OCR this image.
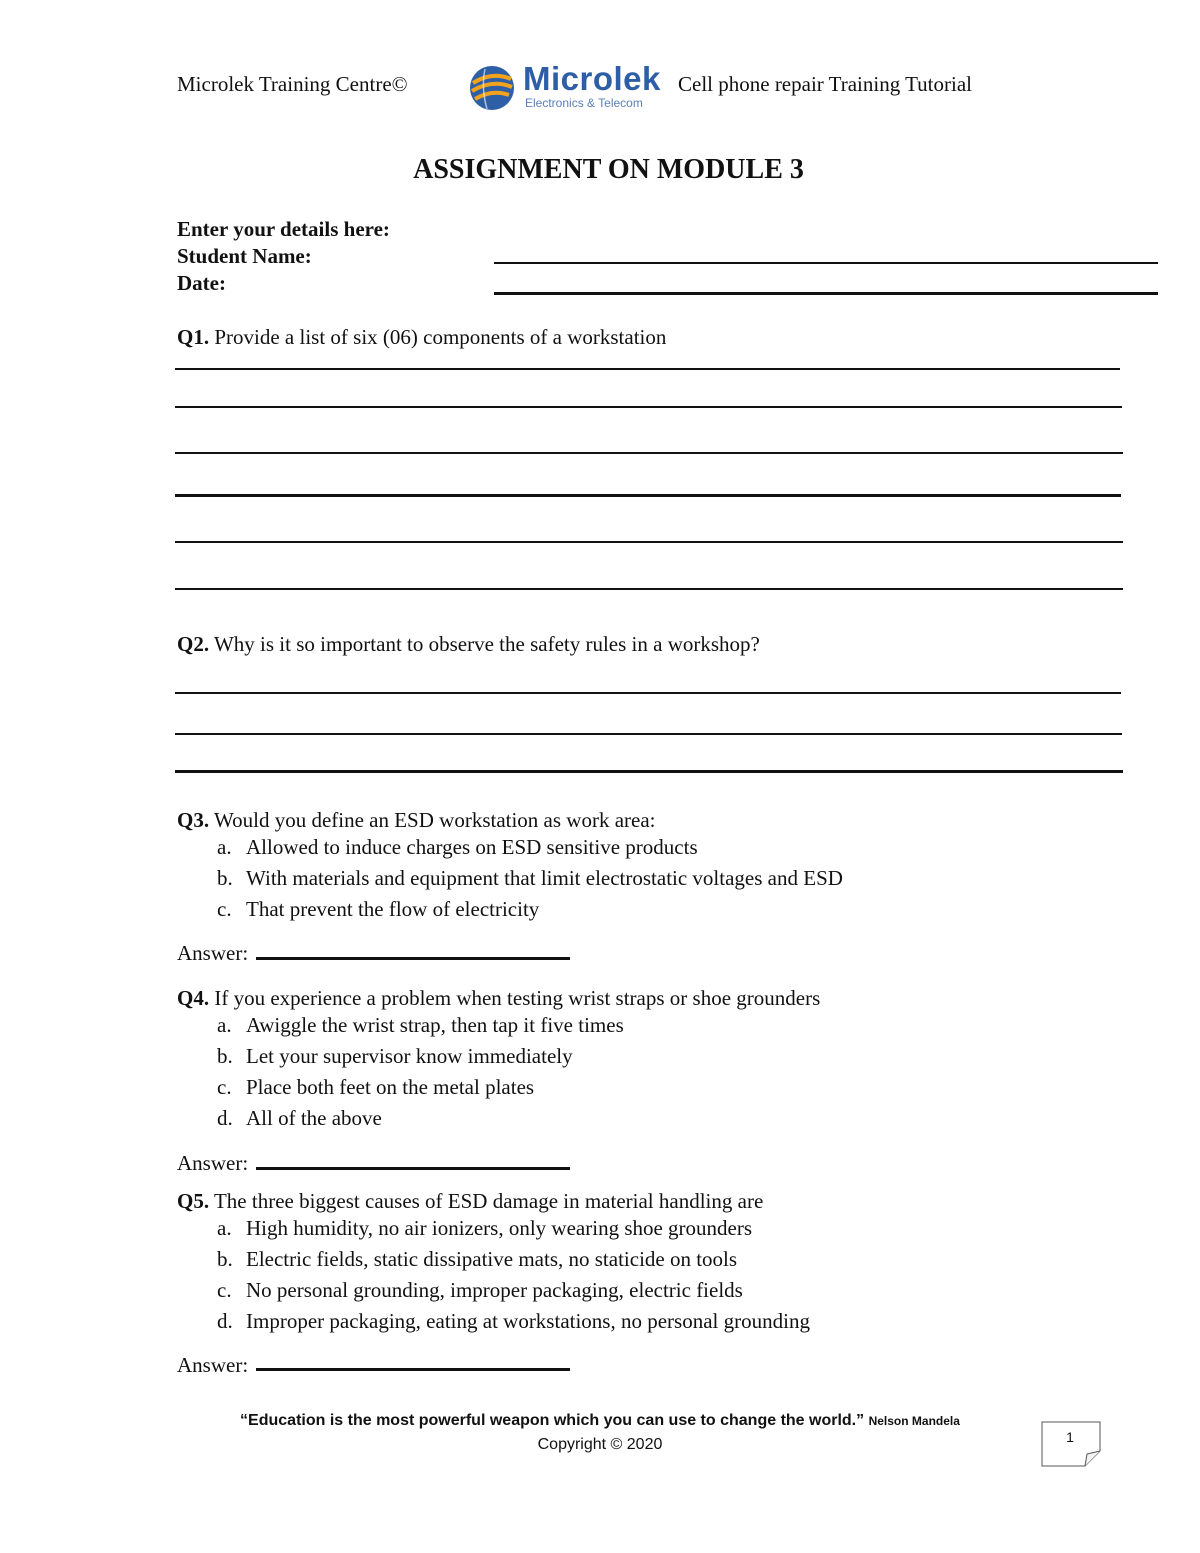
Microlek Training Centre©	Microlek
Electronics & Telecom
Cell phone repair Training Tutorial
ASSIGNMENT ON MODULE 3
Enter your details here:
Student Name:
Date:
Q1. Provide a list of six (06) components of a workstation
Q2. Why is it so important to observe the safety rules in a workshop?
Q3. Would you define an ESD workstation as work area:
a. Allowed to induce charges on ESD sensitive products
b. With materials and equipment that limit electrostatic voltages and ESD
c. That prevent the flow of electricity
Answer:
Q4. If you experience a problem when testing wrist straps or shoe grounders
a. Awiggle the wrist strap, then tap it five times
b. Let your supervisor know immediately
c. Place both feet on the metal plates
d. All of the above
Answer:
Q5. The three biggest causes of ESD damage in material handling are
a. High humidity, no air ionizers, only wearing shoe grounders
b. Electric fields, static dissipative mats, no staticide on tools
c. No personal grounding, improper packaging, electric fields
d. Improper packaging, eating at workstations, no personal grounding
Answer:
“Education is the most powerful weapon which you can use to change the world.” Nelson Mandela
Copyright © 2020	1
